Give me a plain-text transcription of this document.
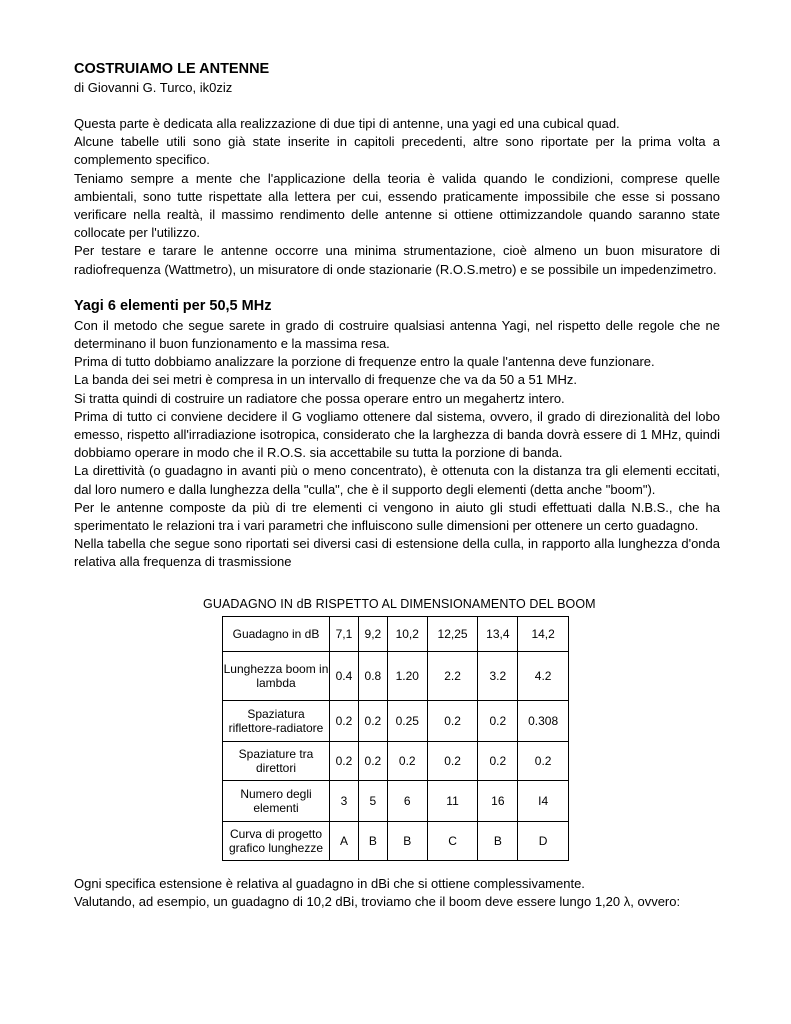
COSTRUIAMO LE ANTENNE

di Giovanni G. Turco, ik0ziz

Questa parte è dedicata alla realizzazione di due tipi di antenne, una yagi ed una cubical quad.

Alcune tabelle utili sono già state inserite in capitoli precedenti, altre sono riportate per la prima volta a complemento specifico.

Teniamo sempre a mente che l'applicazione della teoria è valida quando le condizioni, comprese quelle ambientali, sono tutte rispettate alla lettera per cui, essendo praticamente impossibile che esse si possano verificare nella realtà, il massimo rendimento delle antenne si ottiene ottimizzandole quando saranno state collocate per l'utilizzo.

Per testare e tarare le antenne occorre una minima strumentazione, cioè almeno un buon misuratore di radiofrequenza (Wattmetro), un misuratore di onde stazionarie (R.O.S.metro) e se possibile un impedenzimetro.

Yagi 6 elementi per 50,5 MHz

Con il metodo che segue sarete in grado di costruire qualsiasi antenna Yagi, nel rispetto delle regole che ne determinano il buon funzionamento e la massima resa.

Prima di tutto dobbiamo analizzare la porzione di frequenze entro la quale l'antenna deve funzionare.

La banda dei sei metri è compresa in un intervallo di frequenze che va da 50 a 51 MHz.

Si tratta quindi di costruire un radiatore che possa operare entro un megahertz intero.

Prima di tutto ci conviene decidere il G vogliamo ottenere dal sistema, ovvero, il grado di direzionalità del lobo emesso, rispetto all'irradiazione isotropica, considerato che la larghezza di banda dovrà essere di 1 MHz, quindi dobbiamo operare in modo che il R.O.S. sia accettabile su tutta la porzione di banda.

La direttività (o guadagno in avanti più o meno concentrato), è ottenuta con la distanza tra gli elementi eccitati, dal loro numero e dalla lunghezza della "culla", che è il supporto degli elementi (detta anche "boom").

Per le antenne composte da più di tre elementi ci vengono in aiuto gli studi effettuati dalla N.B.S., che ha sperimentato le relazioni tra i vari parametri che influiscono sulle dimensioni per ottenere un certo guadagno.

Nella tabella che segue sono riportati sei diversi casi di estensione della culla, in rapporto alla lunghezza d'onda relativa alla frequenza di trasmissione

GUADAGNO IN dB RISPETTO AL DIMENSIONAMENTO DEL BOOM

Guadagno in dB	7,1	9,2	10,2	12,25	13,4	14,2
Lunghezza boom in lambda	0.4	0.8	1.20	2.2	3.2	4.2
Spaziatura riflettore-radiatore	0.2	0.2	0.25	0.2	0.2	0.308
Spaziature tra direttori	0.2	0.2	0.2	0.2	0.2	0.2
Numero degli elementi	3	5	6	11	16	I4
Curva di progetto grafico lunghezze	A	B	B	C	B	D

Ogni specifica estensione è relativa al guadagno in dBi che si ottiene complessivamente.

Valutando, ad esempio, un guadagno di 10,2 dBi, troviamo che il boom deve essere lungo 1,20 λ, ovvero:
